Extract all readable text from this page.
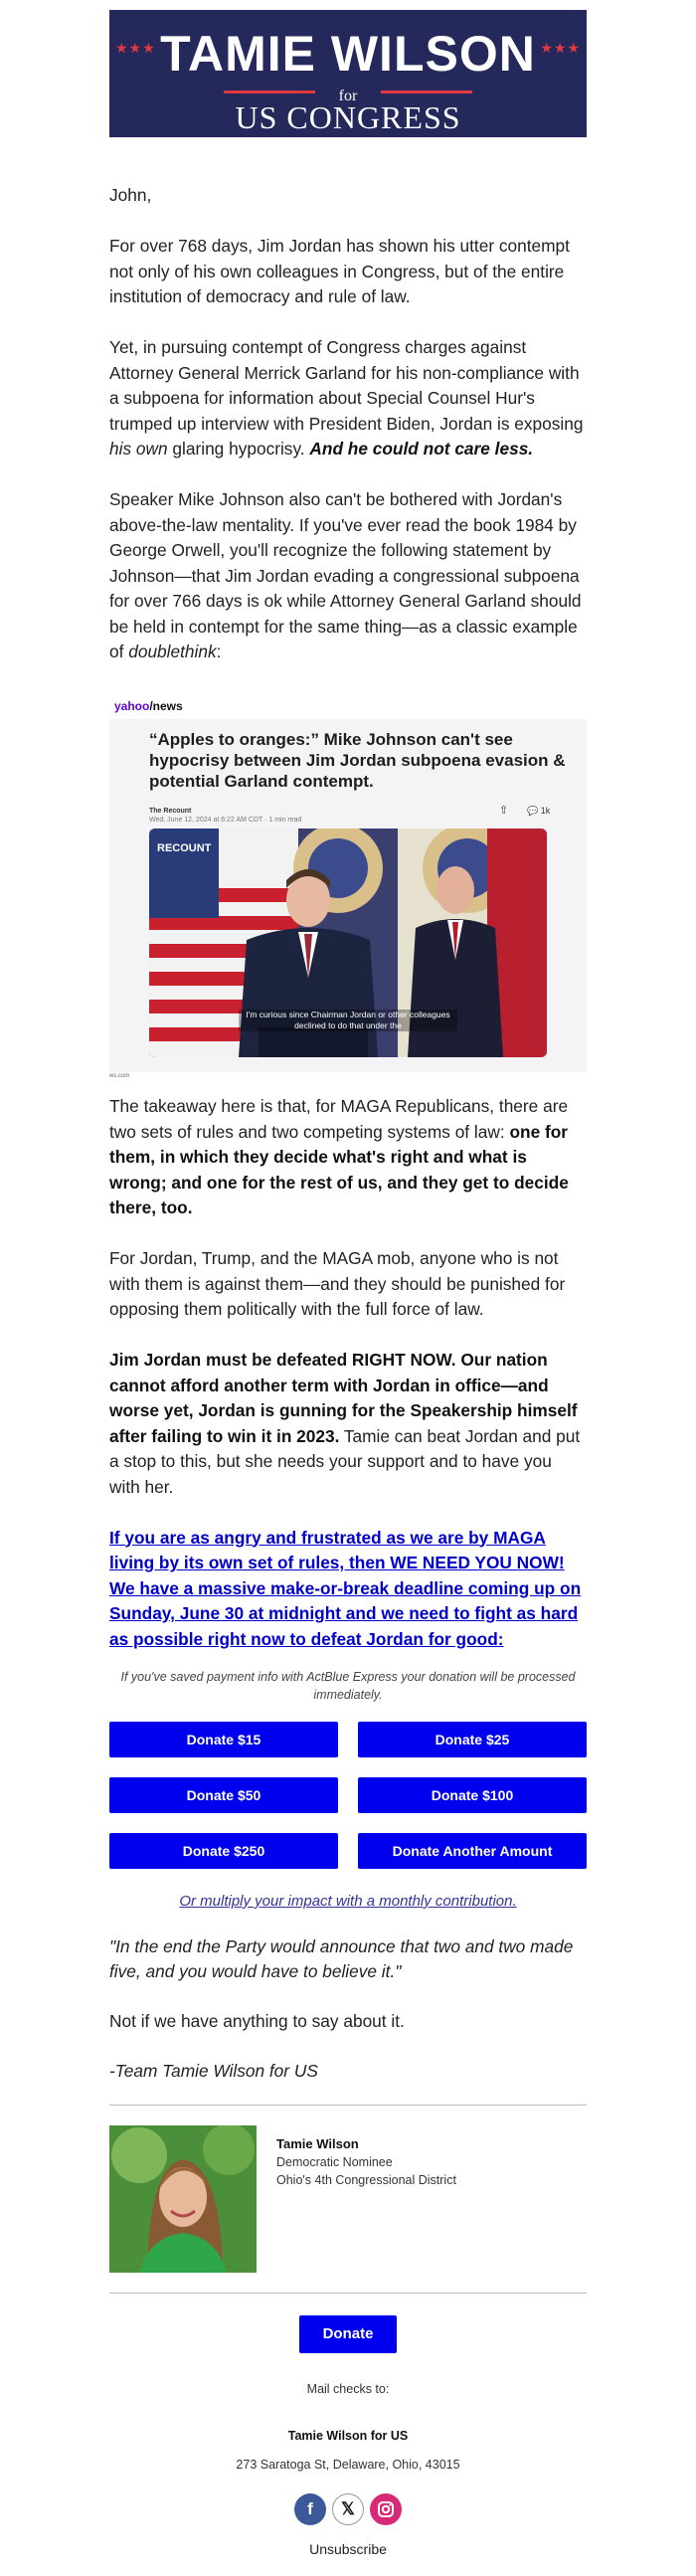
★★★	★★★
TAMIE WILSON
for
US CONGRESS

John,

For over 768 days, Jim Jordan has shown his utter contempt not only of his own colleagues in Congress, but of the entire institution of democracy and rule of law.

Yet, in pursuing contempt of Congress charges against Attorney General Merrick Garland for his non-compliance with a subpoena for information about Special Counsel Hur's trumped up interview with President Biden, Jordan is exposing his own glaring hypocrisy. And he could not care less.

Speaker Mike Johnson also can't be bothered with Jordan's above-the-law mentality. If you've ever read the book 1984 by George Orwell, you'll recognize the following statement by Johnson—that Jim Jordan evading a congressional subpoena for over 766 days is ok while Attorney General Garland should be held in contempt for the same thing—as a classic example of doublethink:

yahoo/news
“Apples to oranges:” Mike Johnson can't see hypocrisy between Jim Jordan subpoena evasion & potential Garland contempt.
The Recount
Wed, June 12, 2024 at 6:22 AM CDT · 1 min read
⇧ 💬 1k
RECOUNT
I'm curious since Chairman Jordan or other colleagues declined to do that under the
ws.com

The takeaway here is that, for MAGA Republicans, there are two sets of rules and two competing systems of law: one for them, in which they decide what's right and what is wrong; and one for the rest of us, and they get to decide there, too.

For Jordan, Trump, and the MAGA mob, anyone who is not with them is against them—and they should be punished for opposing them politically with the full force of law.

Jim Jordan must be defeated RIGHT NOW. Our nation cannot afford another term with Jordan in office—and worse yet, Jordan is gunning for the Speakership himself after failing to win it in 2023. Tamie can beat Jordan and put a stop to this, but she needs your support and to have you with her.

If you are as angry and frustrated as we are by MAGA living by its own set of rules, then WE NEED YOU NOW! We have a massive make-or-break deadline coming up on Sunday, June 30 at midnight and we need to fight as hard as possible right now to defeat Jordan for good:
If you've saved payment info with ActBlue Express your donation will be processed immediately.
Donate $15	Donate $25
Donate $50	Donate $100
Donate $250	Donate Another Amount
Or multiply your impact with a monthly contribution.
"In the end the Party would announce that two and two made five, and you would have to believe it."
Not if we have anything to say about it.
-Team Tamie Wilson for US
Tamie Wilson
Democratic Nominee
Ohio's 4th Congressional District
Donate
Mail checks to:
Tamie Wilson for US
273 Saratoga St, Delaware, Ohio, 43015
f	𝕏
Unsubscribe
